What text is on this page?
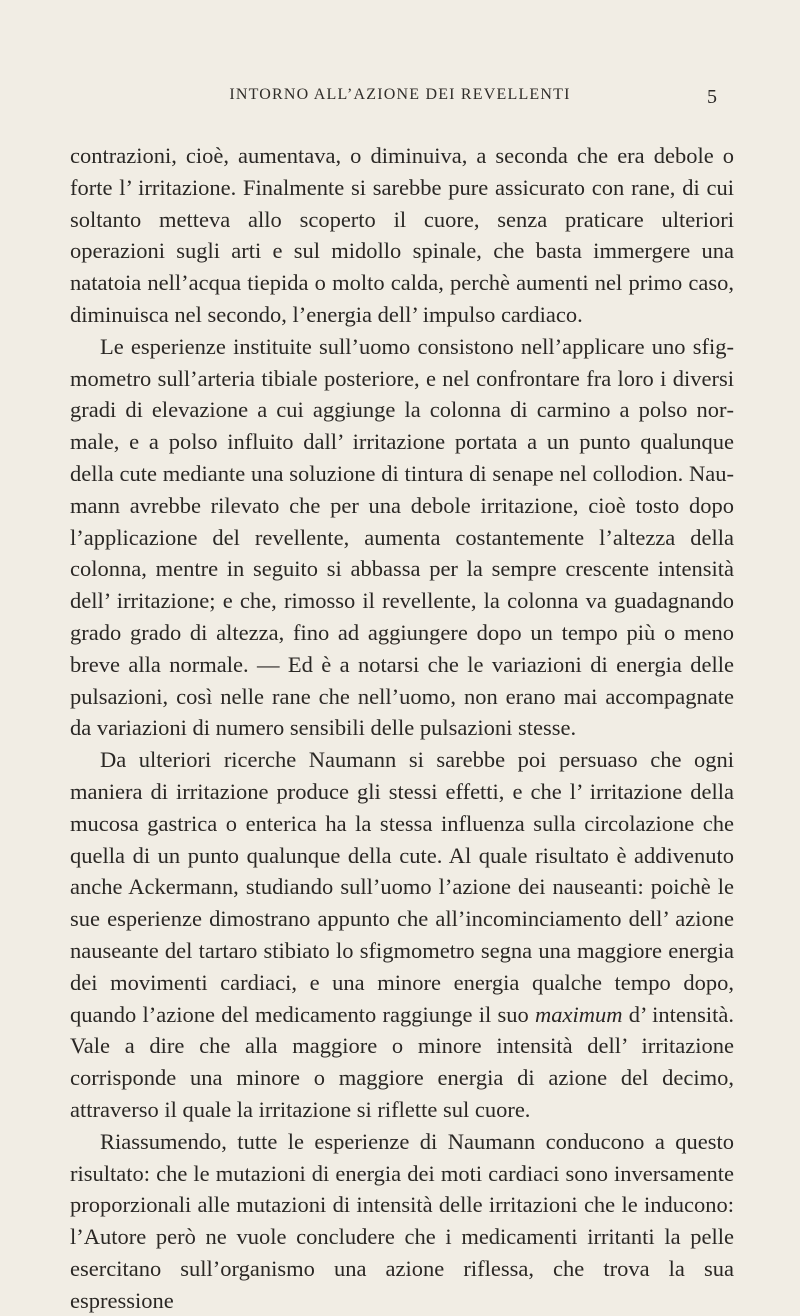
INTORNO ALL’AZIONE DEI REVELLENTI	5

contrazioni, cioè, aumentava, o diminuiva, a seconda che era debole o forte l’ irritazione. Finalmente si sarebbe pure assicurato con rane, di cui soltanto metteva allo scoperto il cuore, senza praticare ulteriori operazioni sugli arti e sul midollo spinale, che basta immergere una natatoia nell’acqua tiepida o molto calda, perchè aumenti nel primo caso, diminuisca nel secondo, l’energia dell’ impulso cardiaco.

Le esperienze instituite sull’uomo consistono nell’applicare uno sfigmometro sull’arteria tibiale posteriore, e nel confrontare fra loro i diversi gradi di elevazione a cui aggiunge la colonna di carmino a polso normale, e a polso influito dall’ irritazione portata a un punto qualunque della cute mediante una soluzione di tintura di senape nel collodion. Naumann avrebbe rilevato che per una debole irritazione, cioè tosto dopo l’applicazione del revellente, aumenta costantemente l’altezza della colonna, mentre in seguito si abbassa per la sempre crescente intensità dell’ irritazione; e che, rimosso il revellente, la colonna va guadagnando grado grado di altezza, fino ad aggiungere dopo un tempo più o meno breve alla normale. — Ed è a notarsi che le variazioni di energia delle pulsazioni, così nelle rane che nell’uomo, non erano mai accompagnate da variazioni di numero sensibili delle pulsazioni stesse.

Da ulteriori ricerche Naumann si sarebbe poi persuaso che ogni maniera di irritazione produce gli stessi effetti, e che l’ irritazione della mucosa gastrica o enterica ha la stessa influenza sulla circolazione che quella di un punto qualunque della cute. Al quale risultato è addivenuto anche Ackermann, studiando sull’uomo l’azione dei nauseanti: poichè le sue esperienze dimostrano appunto che all’incominciamento dell’ azione nauseante del tartaro stibiato lo sfigmometro segna una maggiore energia dei movimenti cardiaci, e una minore energia qualche tempo dopo, quando l’azione del medicamento raggiunge il suo maximum d’ intensità. Vale a dire che alla maggiore o minore intensità dell’ irritazione corrisponde una minore o maggiore energia di azione del decimo, attraverso il quale la irritazione si riflette sul cuore.

Riassumendo, tutte le esperienze di Naumann conducono a questo risultato: che le mutazioni di energia dei moti cardiaci sono inversamente proporzionali alle mutazioni di intensità delle irritazioni che le inducono: l’Autore però ne vuole concludere che i medicamenti irritanti la pelle esercitano sull’organismo una azione riflessa, che trova la sua espressione
